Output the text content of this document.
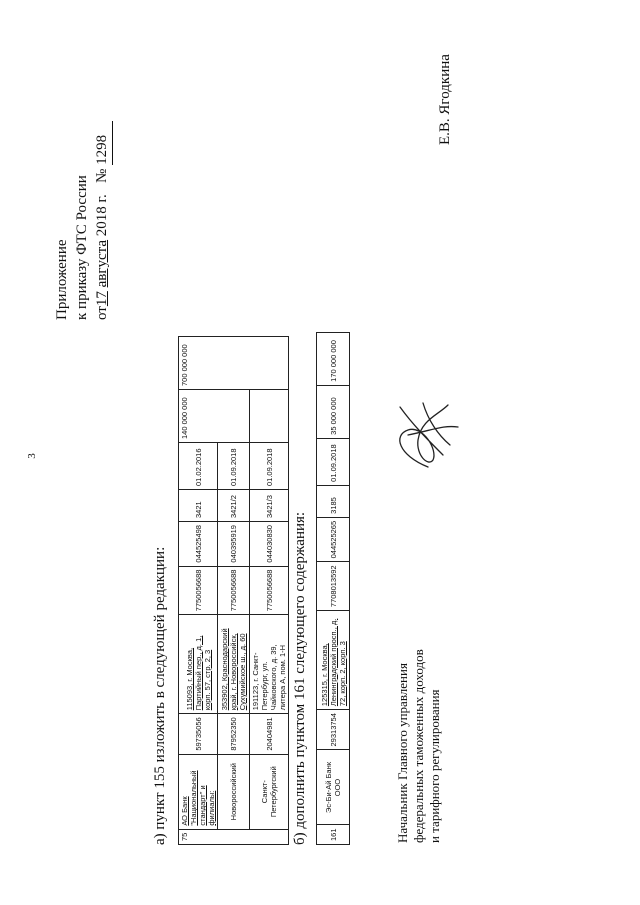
3
Приложение к приказу ФТС России от17 августа 2018 г.   № 1298
Е.В. Ягодкина
а) пункт 155 изложить в следующей редакции: 75	АО Банк "Национальный стандарт" и филиалы:	59735056	115093, г. Москва, Партийный пер., д. 1, корп. 57, стр. 2, 3	7750056688	044525498	3421	01.02.2016	140 000 000	700 000 000
	Новороссийский	87952350	353902, Краснодарский край, г. Новороссийск, Сухумийское ш., д. 60	7750056688	040395919	3421/2	01.09.2018		
	Санкт-Петербургский	20404981	191123, г. Санкт-Петербург, ул. Чайковского, д. 39, литера А, пом. 1-Н	7750056688	044030830	3421/3	01.09.2018		
б) дополнить пунктом 161 следующего содержания:	161	Эс-Би-Ай Банк ООО	29313754	125315, г. Москва, Ленинградский просп., д. 72, корп. 2, корп. 3	7708013592	044525265	3185	01.09.2018	35 000 000	170 000 000
Начальник Главного управления федеральных таможенных доходов и тарифного регулирования
